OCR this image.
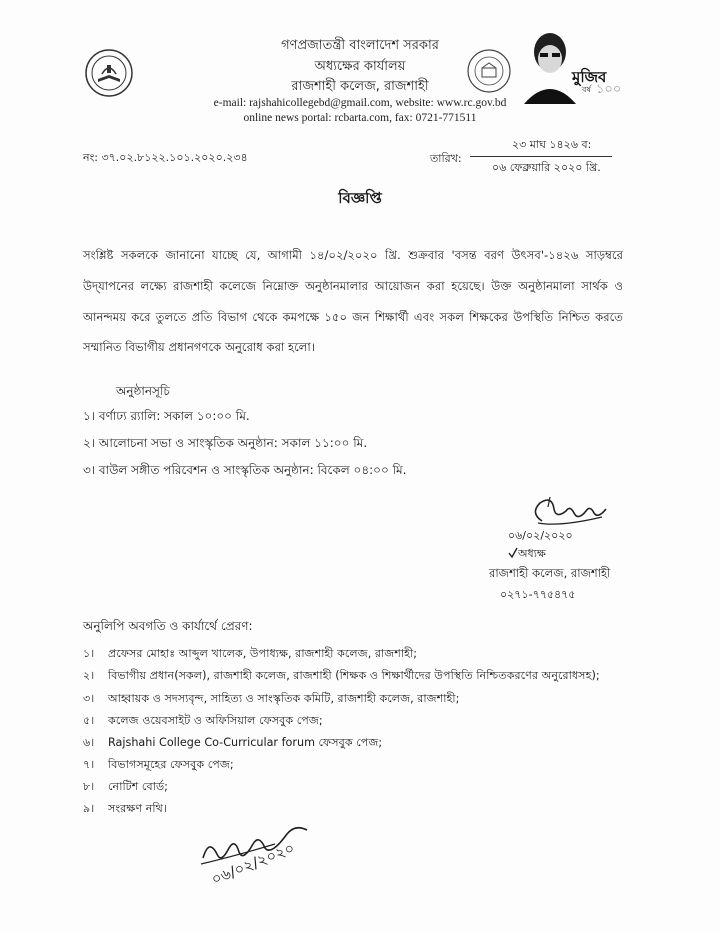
গণপ্রজাতন্ত্রী বাংলাদেশ সরকার
অধ্যক্ষের কার্যালয়
রাজশাহী কলেজ, রাজশাহী
e-mail: rajshahicollegebd@gmail.com, website: www.rc.gov.bd
online news portal: rcbarta.com, fax: 0721-771511
মুজিব
বর্ষ ১০০
নং: ৩৭.০২.৮১২২.১০১.২০২০.২৩৪	তারিখ:
২৩ মাঘ ১৪২৬ ব:
০৬ ফেব্রুয়ারি ২০২০ খ্রি.
বিজ্ঞপ্তি
সংশ্লিষ্ট সকলকে জানানো যাচ্ছে যে, আগামী ১৪/০২/২০২০ খ্রি. শুক্রবার 'বসন্ত বরণ উৎসব'-১৪২৬ সাড়ম্বরে উদ্‌যাপনের লক্ষ্যে রাজশাহী কলেজে নিম্নোক্ত অনুষ্ঠানমালার আয়োজন করা হয়েছে। উক্ত অনুষ্ঠানমালা সার্থক ও আনন্দময় করে তুলতে প্রতি বিভাগ থেকে কমপক্ষে ১৫০ জন শিক্ষার্থী এবং সকল শিক্ষকের উপস্থিতি নিশ্চিত করতে সম্মানিত বিভাগীয় প্রধানগণকে অনুরোধ করা হলো।
অনুষ্ঠানসূচি
১। বর্ণাঢ্য র‍্যালি: সকাল ১০:০০ মি.
২। আলোচনা সভা ও সাংস্কৃতিক অনুষ্ঠান: সকাল ১১:০০ মি.
৩। বাউল সঙ্গীত পরিবেশন ও সাংস্কৃতিক অনুষ্ঠান: বিকেল ০৪:০০ মি.
০৬/০২/২০২০
অধ্যক্ষ
রাজশাহী কলেজ, রাজশাহী
০২৭১-৭৭৫৪৭৫
অনুলিপি অবগতি ও কার্যার্থে প্রেরণ:
১। প্রফেসর মোহাঃ আব্দুল খালেক, উপাধ্যক্ষ, রাজশাহী কলেজ, রাজশাহী;
২। বিভাগীয় প্রধান(সকল), রাজশাহী কলেজ, রাজশাহী (শিক্ষক ও শিক্ষার্থীদের উপস্থিতি নিশ্চিতকরণের অনুরোধসহ);
৩। আহ্বায়ক ও সদস্যবৃন্দ, সাহিত্য ও সাংস্কৃতিক কমিটি, রাজশাহী কলেজ, রাজশাহী;
৫। কলেজ ওয়েবসাইট ও অফিসিয়াল ফেসবুক পেজ;
৬। Rajshahi College Co-Curricular forum ফেসবুক পেজ;
৭। বিভাগসমূহের ফেসবুক পেজ;
৮। নোটিশ বোর্ড;
৯। সংরক্ষণ নথি।
০৬/০২/২০২০
